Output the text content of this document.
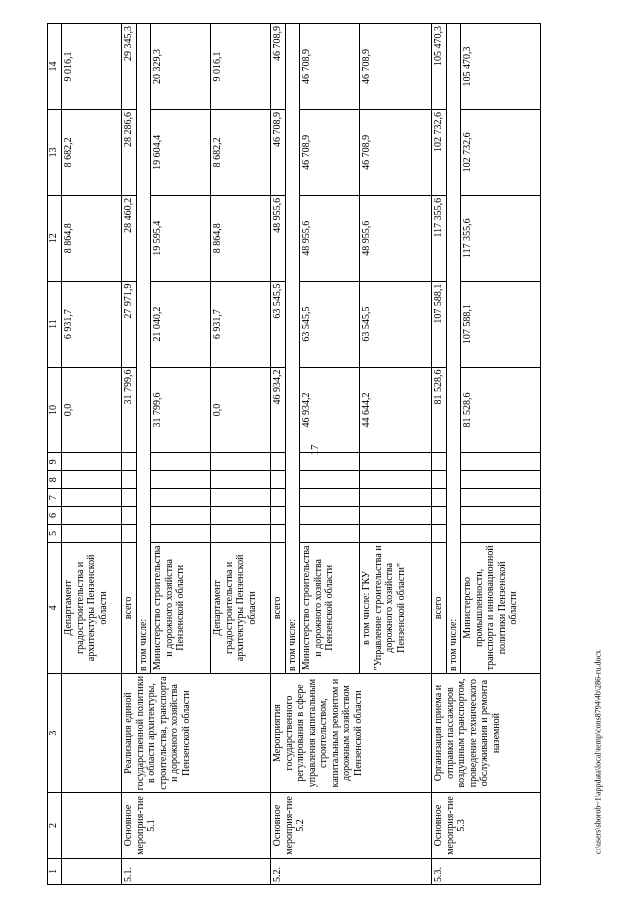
17
c:\users\shorob~1\appdata\local\temp\cons8794\4b\286-ru.docx
1	2	3	4	5	6	7	8	9	10	11	12	13	14
			Департамент градостроительства и архитектуры Пензенской области						0,0	6 931,7	8 864,8	8 682,2	9 016,1
5.1.	Основное мероприя-тие 5.1	Реализация единой государственной политики в области архитектуры, строительства, транспорта и дорожного хозяйства Пензенской области	всего						31 799,6	27 971,9	28 460,2	28 286,6	29 345,3
			в том числе:										
			Министерство строительства и дорожного хозяйства Пензенской области						31 799,6	21 040,2	19 595,4	19 604,4	20 329,3
			Департамент градостроительства и архитектуры Пензенской области						0,0	6 931,7	8 864,8	8 682,2	9 016,1
5.2.	Основное мероприя-тие 5.2	Мероприятия государственного регулирования в сфере управления капитальным строительством, капитальным ремонтом и дорожным хозяйством Пензенской области	всего						46 934,2	63 545,5	48 955,6	46 708,9	46 708,9
			в том числе:										
			Министерство строительства и дорожного хозяйства Пензенской области						46 934,2	63 545,5	48 955,6	46 708,9	46 708,9
			в том числе: ГКУ "Управление строительства и дорожного хозяйства Пензенской области"						44 644,2	63 545,5	48 955,6	46 708,9	46 708,9
5.3.	Основное мероприя-тие 5.3	Организация приема и отправки пассажиров воздушным транспортом, проведение технического обслуживания и ремонта наземной	всего						81 528,6	107 588,1	117 355,6	102 732,6	105 470,3
			в том числе:										
			Министерство промышленности, транспорта и инновационной политики Пензенской области						81 528,6	107 588,1	117 355,6	102 732,6	105 470,3
